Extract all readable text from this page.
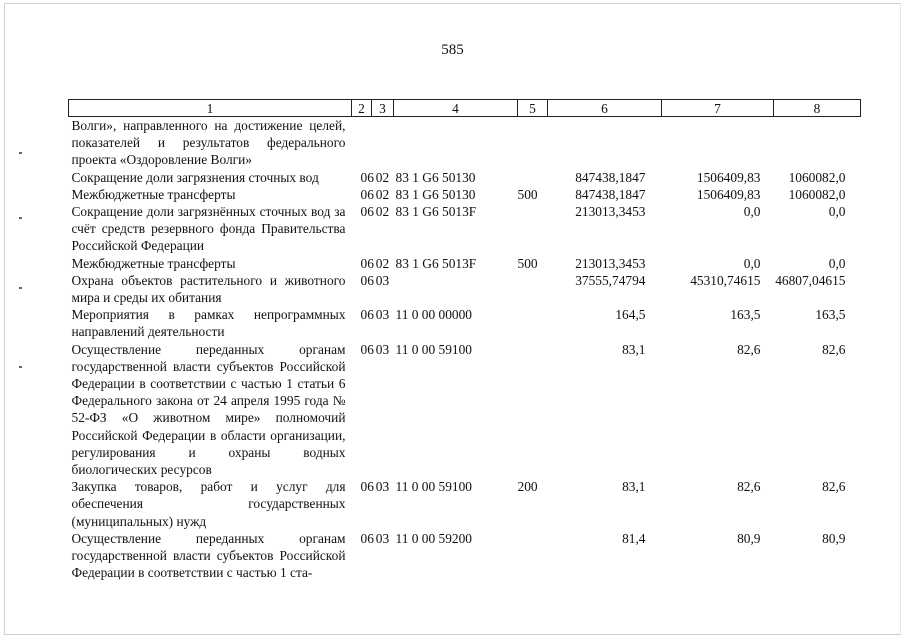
585
1	2	3	4	5	6	7	8
Волги», направленного на достижение целей, показателей и результатов федерального проекта «Оздоровление Волги»							
Сокращение доли загрязнения сточных вод	06	02	83 1 G6 50130		847438,1847	1506409,83	1060082,0
Межбюджетные трансферты	06	02	83 1 G6 50130	500	847438,1847	1506409,83	1060082,0
Сокращение доли загрязнённых сточных вод за счёт средств резервного фонда Правительства Российской Федерации	06	02	83 1 G6 5013F		213013,3453	0,0	0,0
Межбюджетные трансферты	06	02	83 1 G6 5013F	500	213013,3453	0,0	0,0
Охрана объектов растительного и животного мира и среды их обитания	06	03			37555,74794	45310,74615	46807,04615
Мероприятия в рамках непрограммных направлений деятельности	06	03	11 0 00 00000		164,5	163,5	163,5
Осуществление переданных органам государственной власти субъектов Российской Федерации в соответствии с частью 1 статьи 6 Федерального закона от 24 апреля 1995 года № 52-ФЗ «О животном мире» полномочий Российской Федерации в области организации, регулирования и охраны водных биологических ресурсов	06	03	11 0 00 59100		83,1	82,6	82,6
Закупка товаров, работ и услуг для обеспечения государственных (муниципальных) нужд	06	03	11 0 00 59100	200	83,1	82,6	82,6
Осуществление переданных органам государственной власти субъектов Российской Федерации в соответствии с частью 1 ста-	06	03	11 0 00 59200		81,4	80,9	80,9
